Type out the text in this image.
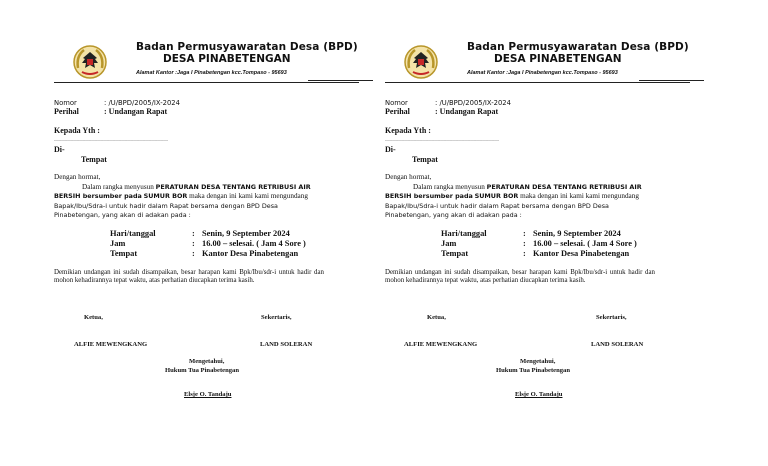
Badan Permusyawaratan Desa (BPD)
DESA PINABETENGAN
Alamat Kantor :Jaga I Pinabetengan kcc.Tompaso - 95693
Nomor	: /U/BPD/2005/IX-2024
Perihal	: Undangan Rapat
Kepada Yth :
…………………………………………………
Di-
Tempat
Dengan hormat,
Dalam rangka menyusun PERATURAN DESA TENTANG RETRIBUSI AIR
BERSIH bersumber pada SUMUR BOR maka dengan ini kami kami mengundang
Bapak/Ibu/Sdra-i untuk hadir dalam Rapat bersama dengan BPD Desa
Pinabetengan, yang akan di adakan pada :
Hari/tanggal	: Senin, 9 September 2024
Jam	: 16.00 – selesai. ( Jam 4 Sore )
Tempat	: Kantor Desa Pinabetengan
Demikian undangan ini sudah disampaikan, besar harapan kami Bpk/Ibu/sdr-i untuk hadir dan mohon kehadirannya tepat waktu, atas perhatian diucapkan terima kasih.
Ketua,	Sekertaris,
ALFIE MEWENGKANG	LAND SOLERAN
Mengetahui,
Hukum Tua Pinabetengan
Elsje O. Tandaju
Badan Permusyawaratan Desa (BPD)
DESA PINABETENGAN
Alamat Kantor :Jaga I Pinabetengan kcc.Tompaso - 95693
Nomor	: /U/BPD/2005/IX-2024
Perihal	: Undangan Rapat
Kepada Yth :
…………………………………………………
Di-
Tempat
Dengan hormat,
Dalam rangka menyusun PERATURAN DESA TENTANG RETRIBUSI AIR
BERSIH bersumber pada SUMUR BOR maka dengan ini kami kami mengundang
Bapak/Ibu/Sdra-i untuk hadir dalam Rapat bersama dengan BPD Desa
Pinabetengan, yang akan di adakan pada :
Hari/tanggal	: Senin, 9 September 2024
Jam	: 16.00 – selesai. ( Jam 4 Sore )
Tempat	: Kantor Desa Pinabetengan
Demikian undangan ini sudah disampaikan, besar harapan kami Bpk/Ibu/sdr-i untuk hadir dan mohon kehadirannya tepat waktu, atas perhatian diucapkan terima kasih.
Ketua,	Sekertaris,
ALFIE MEWENGKANG	LAND SOLERAN
Mengetahui,
Hukum Tua Pinabetengan
Elsje O. Tandaju
